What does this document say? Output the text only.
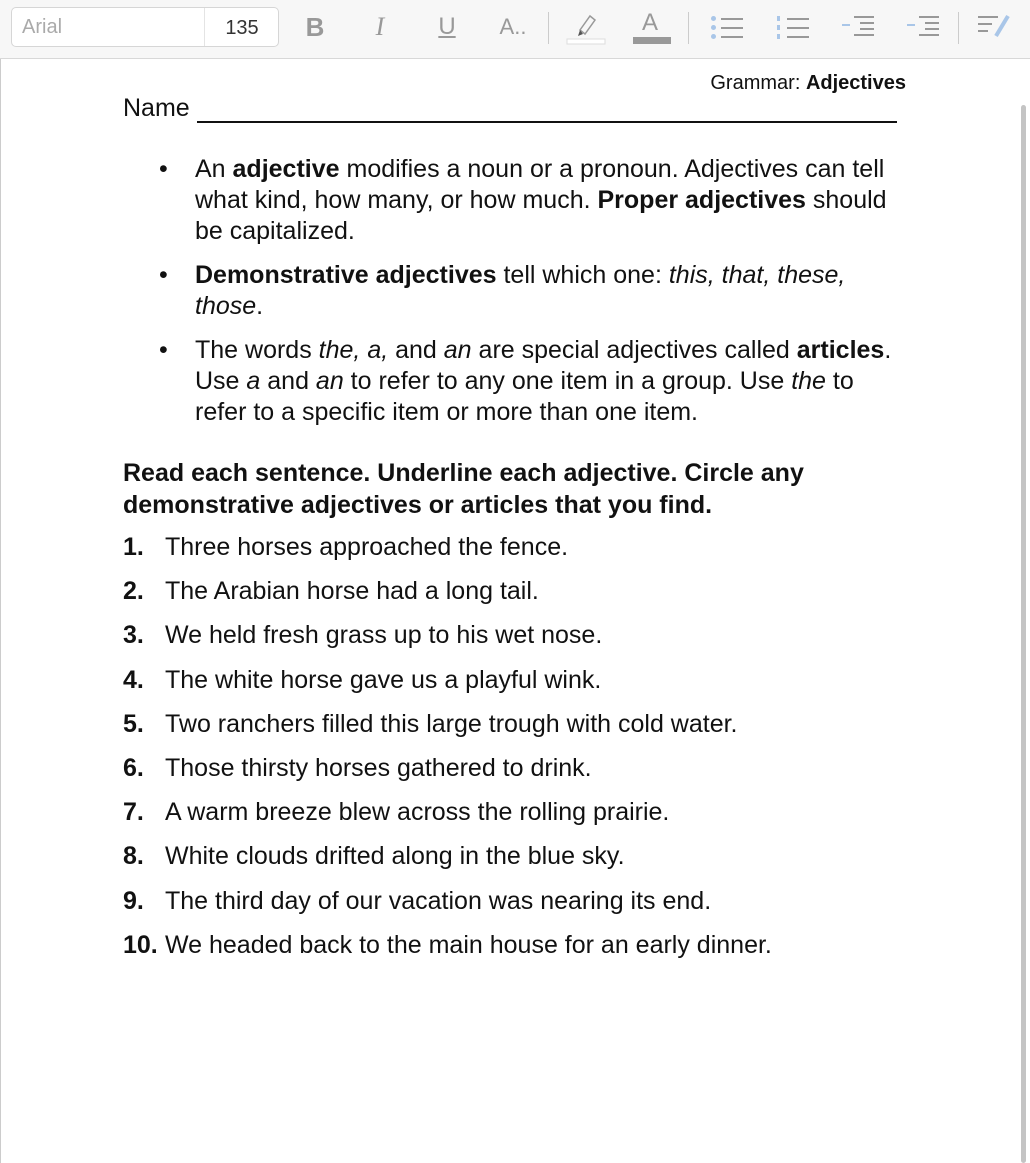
Arial	135	B	I	U	A..	A
Grammar: Adjectives
Name
• An adjective modifies a noun or a pronoun. Adjectives can tell what kind, how many, or how much. Proper adjectives should be capitalized.
• Demonstrative adjectives tell which one: this, that, these, those.
• The words the, a, and an are special adjectives called articles. Use a and an to refer to any one item in a group. Use the to refer to a specific item or more than one item.
Read each sentence. Underline each adjective. Circle any demonstrative adjectives or articles that you find.
1. Three horses approached the fence.
2. The Arabian horse had a long tail.
3. We held fresh grass up to his wet nose.
4. The white horse gave us a playful wink.
5. Two ranchers filled this large trough with cold water.
6. Those thirsty horses gathered to drink.
7. A warm breeze blew across the rolling prairie.
8. White clouds drifted along in the blue sky.
9. The third day of our vacation was nearing its end.
10. We headed back to the main house for an early dinner.
